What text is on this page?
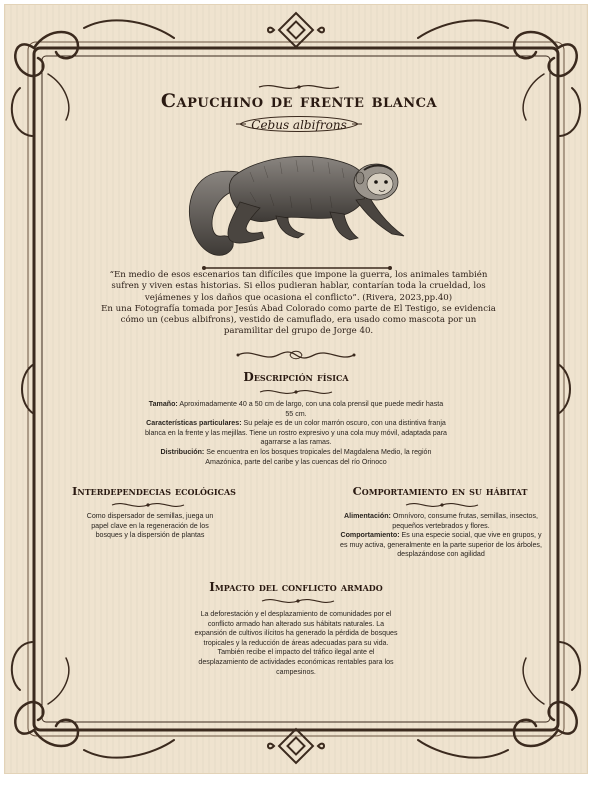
Capuchino de frente blanca
Cebus albifrons
“En medio de esos escenarios tan difíciles que impone la guerra, los animales también sufren y viven estas historias. Si ellos pudieran hablar, contarían toda la crueldad, los vejámenes y los daños que ocasiona el conflicto”. (Rivera, 2023,pp.40)
En una Fotografía tomada por Jesús Abad Colorado como parte de El Testigo, se evidencia cómo un (cebus albifrons), vestido de camuflado, era usado como mascota por un paramilitar del grupo de Jorge 40.
Descripción física
Tamaño: Aproximadamente 40 a 50 cm de largo, con una cola prensil que puede medir hasta 55 cm.
Características particulares: Su pelaje es de un color marrón oscuro, con una distintiva franja blanca en la frente y las mejillas. Tiene un rostro expresivo y una cola muy móvil, adaptada para agarrarse a las ramas.
Distribución: Se encuentra en los bosques tropicales del Magdalena Medio, la región Amazónica, parte del caribe y las cuencas del río Orinoco
Interdependecias ecológicas
Como dispersador de semillas, juega un papel clave en la regeneración de los bosques y la dispersión de plantas
Comportamiento en su hábitat
Alimentación: Omnívoro, consume frutas, semillas, insectos, pequeños vertebrados y flores.
Comportamiento: Es una especie social, que vive en grupos, y es muy activa, generalmente en la parte superior de los árboles, desplazándose con agilidad
Impacto del conflicto armado
La deforestación y el desplazamiento de comunidades por el conflicto armado han alterado sus hábitats naturales. La expansión de cultivos ilícitos ha generado la pérdida de bosques tropicales y la reducción de áreas adecuadas para su vida. También recibe el impacto del tráfico ilegal ante el desplazamiento de actividades económicas rentables para los campesinos.
